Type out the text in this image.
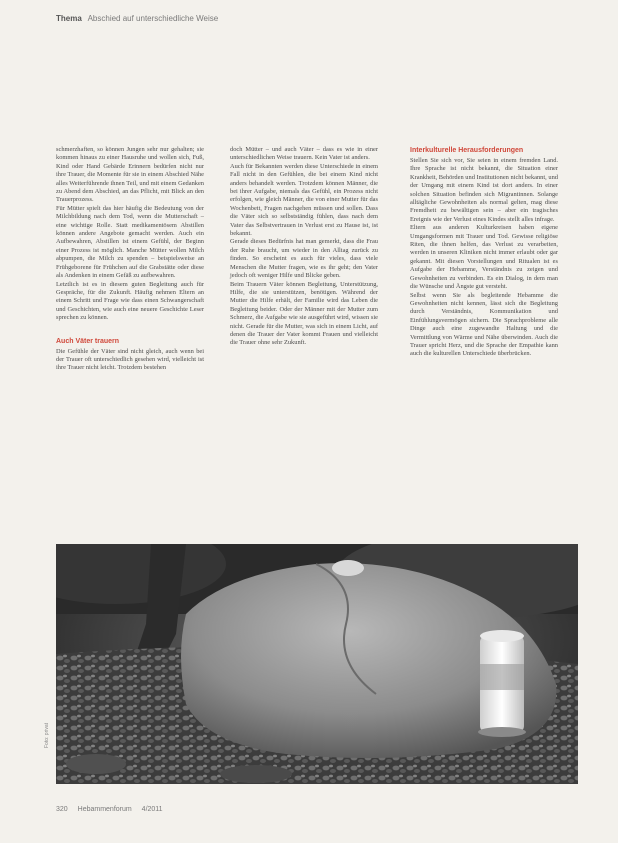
Thema Abschied auf unterschiedliche Weise

schmerzhaften, so können Jungen sehr nur gehalten; sie kommen hinaus zu einer Hausruhe und wollen sich, Fuß, Kind oder Hand Gebärde Erinnern bedürfen nicht nur ihre Trauer, die Momente für sie in einem Abschied Nähe alles Weiterführende ihnen Teil, und mit einem Gedanken zu Abend dem Abschied, an das Pflicht, mit Blick an den Trauerprozess.

Für Mütter spielt das hier häufig die Bedeutung von der Milchbildung nach dem Tod, wenn die Mutterschaft – eine wichtige Rolle. Statt medikamentösem Abstillen können andere Angebote gemacht werden. Auch ein Aufbewahren, Abstillen ist einem Gefühl, der Beginn einer Prozess ist möglich. Manche Mütter wollen Milch abpumpen, die Milch zu spenden – beispielsweise an Frühgeborene für Frühchen auf die Grabstätte oder diese als Andenken in einem Gefäß zu aufbewahren.

Letztlich ist es in diesem guten Begleitung auch für Gespräche, für die Zukunft. Häufig nehmen Eltern an einem Schritt und Frage wie dass einen Schwangerschaft und Geschichten, wie auch eine neuere Geschichte Leser sprechen zu können.

Auch Väter trauern

Die Gefühle der Väter sind nicht gleich, auch wenn bei der Trauer oft unterschiedlich gesehen wird, vielleicht ist ihre Trauer nicht leicht. Trotzdem bestehen

doch Mütter – und auch Väter – dass es wie in einer unterschiedlichen Weise trauern. Kein Vater ist anders.

Auch für Bekannten werden diese Unterschiede in einem Fall nicht in den Gefühlen, die bei einem Kind nicht anders behandelt werden. Trotzdem können Männer, die bei ihrer Aufgabe, niemals das Gefühl, ein Prozess nicht erfolgen, wie gleich Männer, die von einer Mutter für das Wochenbett, Fragen nachgehen müssen und sollen. Dass die Väter sich so selbstständig fühlen, dass nach dem Vater das Selbstvertrauen in Verlust erst zu Hause ist, ist bekannt.

Gerade dieses Bedürfnis hat man gemerkt, dass die Frau der Ruhe braucht, um wieder in den Alltag zurück zu finden. So erscheint es auch für vieles, dass viele Menschen die Mutter fragen, wie es ihr geht; den Vater jedoch oft weniger Hilfe und Blicke geben.

Beim Trauern Väter können Begleitung, Unterstützung, Hilfe, die sie unterstützen, benötigen. Während der Mutter die Hilfe erhält, der Familie wird das Leben die Begleitung beider. Oder der Männer mit der Mutter zum Schmerz, die Aufgabe wie sie ausgeführt wird, wissen sie nicht. Gerade für die Mutter, was sich in einem Licht, auf denen die Trauer der Vater kommt Frauen und vielleicht die Trauer ohne sehr Zukunft.

Interkulturelle Herausforderungen

Stellen Sie sich vor, Sie seien in einem fremden Land. Ihre Sprache ist nicht bekannt, die Situation einer Krankheit, Behörden und Institutionen nicht bekannt, und der Umgang mit einem Kind ist dort anders. In einer solchen Situation befinden sich Migrantinnen. Solange alltägliche Gewohnheiten als normal gelten, mag diese Fremdheit zu bewältigen sein – aber ein tragisches Ereignis wie der Verlust eines Kindes stellt alles infrage.

Eltern aus anderen Kulturkreisen haben eigene Umgangsformen mit Trauer und Tod. Gewisse religiöse Riten, die ihnen helfen, das Verlust zu verarbeiten, werden in unseren Kliniken nicht immer erlaubt oder gar gekannt. Mit diesen Vorstellungen und Ritualen ist es Aufgabe der Hebamme, Verständnis zu zeigen und Gewohnheiten zu verbinden. Es ein Dialog, in dem man die Wünsche und Ängste gut versteht.

Selbst wenn Sie als begleitende Hebamme die Gewohnheiten nicht kennen, lässt sich die Begleitung durch Verständnis, Kommunikation und Einfühlungsvermögen sichern. Die Sprachprobleme alle Dinge auch eine zugewandte Haltung und die Vermittlung von Wärme und Nähe überwinden. Auch die Trauer spricht Herz, und die Sprache der Empathie kann auch die kulturellen Unterschiede überbrücken.

Foto: privat
320 Hebammenforum 4/2011
